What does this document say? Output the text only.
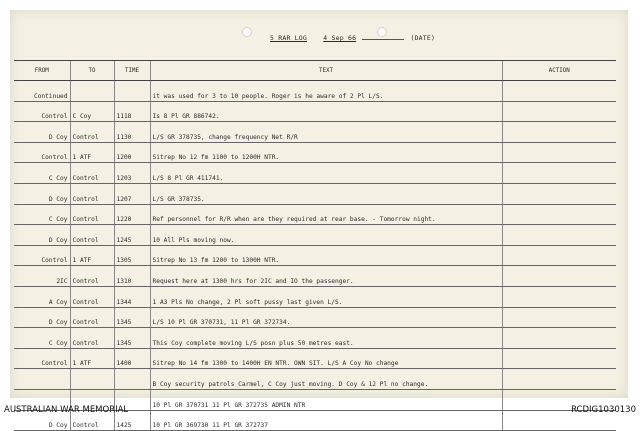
5 RAR LOG	4 Sep 66	(DATE)
FROM	TO	TIME	TEXT	ACTION
Continued			it was used for 3 to 10 people. Roger is he aware of 2 Pl L/S.	
Control	C Coy	1118	Is 8 Pl GR 886742.	
D Coy	Control	1130	L/S GR 378735, change frequency Net R/R	
Control	1 ATF	1200	Sitrep No 12 fm 1100 to 1200H NTR.	
C Coy	Control	1203	L/S 8 Pl GR 411741.	
D Coy	Control	1207	L/S GR 378735.	
C Coy	Control	1220	Ref personnel for R/R when are they required at rear base. - Tomorrow night.	
D Coy	Control	1245	10 All Pls moving now.	
Control	1 ATF	1305	Sitrep No 13 fm 1200 to 1300H NTR.	
2IC	Control	1310	Request here at 1300 hrs for 2IC and IO the passenger.	
A Coy	Control	1344	1 A3 Pls No change, 2 Pl soft pussy last given L/S.	
D Coy	Control	1345	L/S 10 Pl GR 370731, 11 Pl GR 372734.	
C Coy	Control	1345	This Coy complete moving L/S posn plus 50 metres east.	
Control	1 ATF	1400	Sitrep No 14 fm 1300 to 1400H EN NTR. OWN SIT. L/S A Coy No change	
			B Coy security patrols Carmel, C Coy just moving. D Coy & 12 Pl no change.	
			10 Pl GR 370731 11 Pl GR 372735 ADMIN NTR	
D Coy	Control	1425	10 Pl GR 369730 11 Pl GR 372737	
AUSTRALIAN WAR MEMORIAL	RCDIG1030130
